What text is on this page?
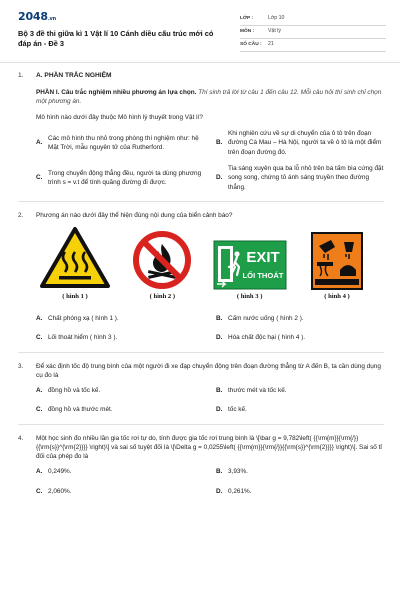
2048.vn
Bộ 3 đề thi giữa kì 1 Vật lí 10 Cánh diều cấu trúc mới có đáp án - Đề 3
LỚP :	Lớp 10
MÔN :	Vật lý
SỐ CÂU :	21
1.	A. PHẦN TRẮC NGHIỆM
PHẦN I. Câu trắc nghiệm nhiều phương án lựa chọn. Thí sinh trả lời từ câu 1 đến câu 12. Mỗi câu hỏi thí sinh chỉ chọn một phương án.
Mô hình nào dưới đây thuộc Mô hình lý thuyết trong Vật lí?
A.
Các mô hình thu nhỏ trong phòng thí nghiệm như: hệ Mặt Trời, mẫu nguyên tử của Rutherford.
B.
Khi nghiên cứu về sự di chuyển của ô tô trên đoạn đường Cà Mau – Hà Nội, người ta về ô tô là một điểm trên đoạn đường đó.
C.
Trong chuyển động thẳng đều, người ta dùng phương trình s = v.t để tính quãng đường đi được.
D.
Tia sáng xuyên qua ba lỗ nhỏ trên ba tấm bìa cứng đặt song song, chứng tỏ ánh sáng truyền theo đường thẳng.
2.	Phương án nào dưới đây thể hiện đúng nội dung của biển cảnh báo?
( hình 1 )	( hình 2 )
EXIT
LỐI THOÁT
( hình 3 )	( hình 4 )
A. Chất phóng xạ ( hình 1 ).	B. Cấm nước uống ( hình 2 ).
C. Lối thoát hiểm ( hình 3 ).	D. Hóa chất độc hại ( hình 4 ).
3.	Để xác định tốc độ trung bình của một người đi xe đạp chuyển động trên đoạn đường thẳng từ A đến B, ta cần dùng dụng cụ đo là
A. đồng hồ và tốc kế.	B. thước mét và tốc kế.
C. đồng hồ và thước mét.	D. tốc kế.
4.	Một học sinh đo nhiều lần gia tốc rơi tự do, tính được gia tốc rơi trung bình là \[\bar g = 9,782\left( {{\rm{m}}{\rm{/}}{{\rm{s}}^{\rm{2}}}} \right)\] và sai số tuyệt đối là \[\Delta g = 0,0255\left( {{\rm{m}}{\rm{/}}{{\rm{s}}^{\rm{2}}}} \right)\]. Sai số tỉ đối của phép đo là
A. 0,249%.	B. 3,93%.
C. 2,060%.	D. 0,261%.
